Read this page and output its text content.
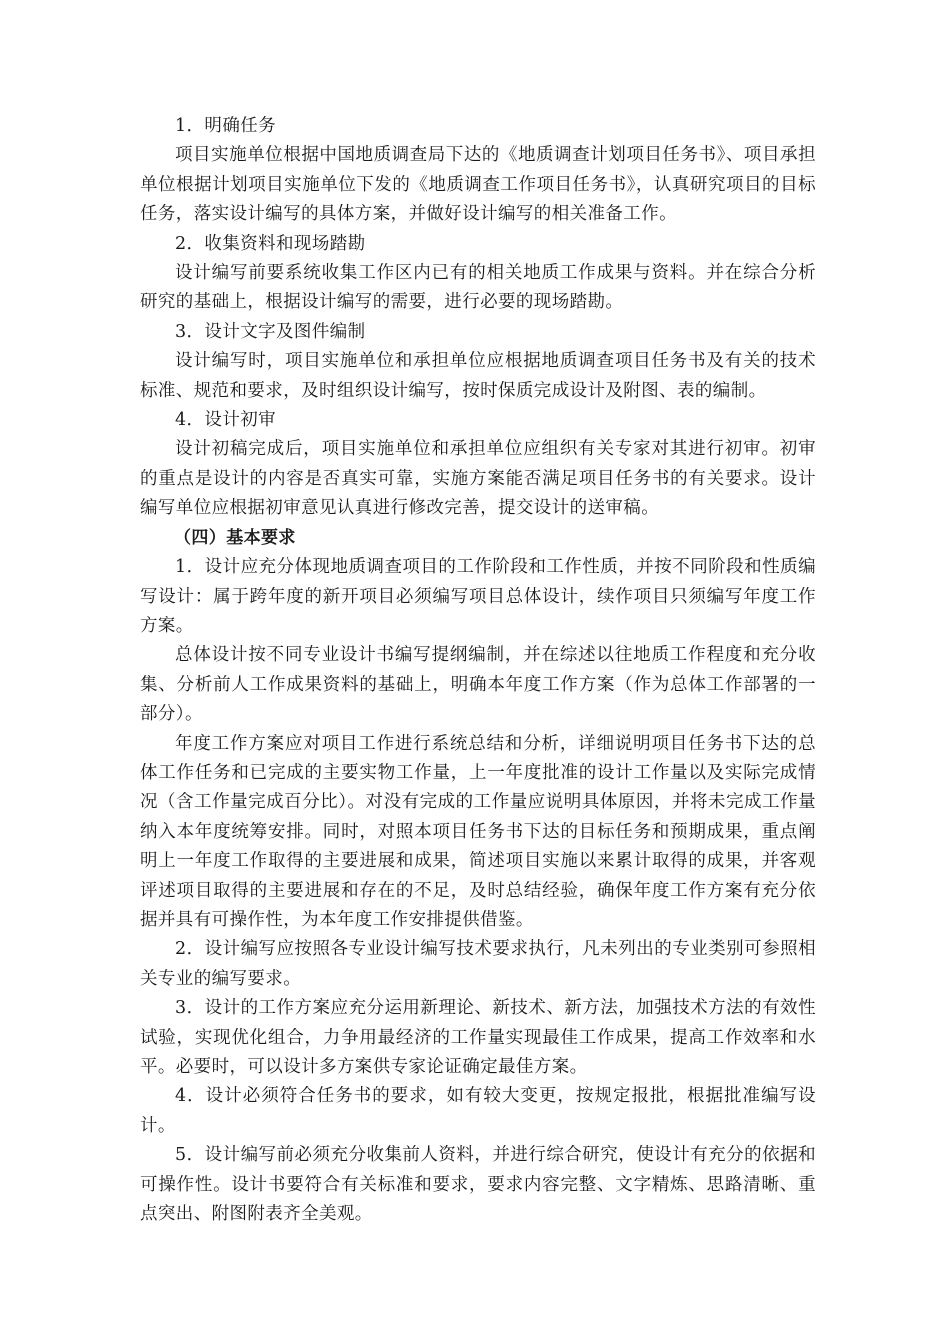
1．明确任务

项目实施单位根据中国地质调查局下达的《地质调查计划项目任务书》、项目承担单位根据计划项目实施单位下发的《地质调查工作项目任务书》，认真研究项目的目标任务，落实设计编写的具体方案，并做好设计编写的相关准备工作。

2．收集资料和现场踏勘

设计编写前要系统收集工作区内已有的相关地质工作成果与资料。并在综合分析研究的基础上，根据设计编写的需要，进行必要的现场踏勘。

3．设计文字及图件编制

设计编写时，项目实施单位和承担单位应根据地质调查项目任务书及有关的技术标准、规范和要求，及时组织设计编写，按时保质完成设计及附图、表的编制。

4．设计初审

设计初稿完成后，项目实施单位和承担单位应组织有关专家对其进行初审。初审的重点是设计的内容是否真实可靠，实施方案能否满足项目任务书的有关要求。设计编写单位应根据初审意见认真进行修改完善，提交设计的送审稿。

（四）基本要求

1．设计应充分体现地质调查项目的工作阶段和工作性质，并按不同阶段和性质编写设计：属于跨年度的新开项目必须编写项目总体设计，续作项目只须编写年度工作方案。

总体设计按不同专业设计书编写提纲编制，并在综述以往地质工作程度和充分收集、分析前人工作成果资料的基础上，明确本年度工作方案（作为总体工作部署的一部分）。

年度工作方案应对项目工作进行系统总结和分析，详细说明项目任务书下达的总体工作任务和已完成的主要实物工作量，上一年度批准的设计工作量以及实际完成情况（含工作量完成百分比）。对没有完成的工作量应说明具体原因，并将未完成工作量纳入本年度统筹安排。同时，对照本项目任务书下达的目标任务和预期成果，重点阐明上一年度工作取得的主要进展和成果，简述项目实施以来累计取得的成果，并客观评述项目取得的主要进展和存在的不足，及时总结经验，确保年度工作方案有充分依据并具有可操作性，为本年度工作安排提供借鉴。

2．设计编写应按照各专业设计编写技术要求执行，凡未列出的专业类别可参照相关专业的编写要求。

3．设计的工作方案应充分运用新理论、新技术、新方法，加强技术方法的有效性试验，实现优化组合，力争用最经济的工作量实现最佳工作成果，提高工作效率和水平。必要时，可以设计多方案供专家论证确定最佳方案。

4．设计必须符合任务书的要求，如有较大变更，按规定报批，根据批准编写设计。

5．设计编写前必须充分收集前人资料，并进行综合研究，使设计有充分的依据和可操作性。设计书要符合有关标准和要求，要求内容完整、文字精炼、思路清晰、重点突出、附图附表齐全美观。
